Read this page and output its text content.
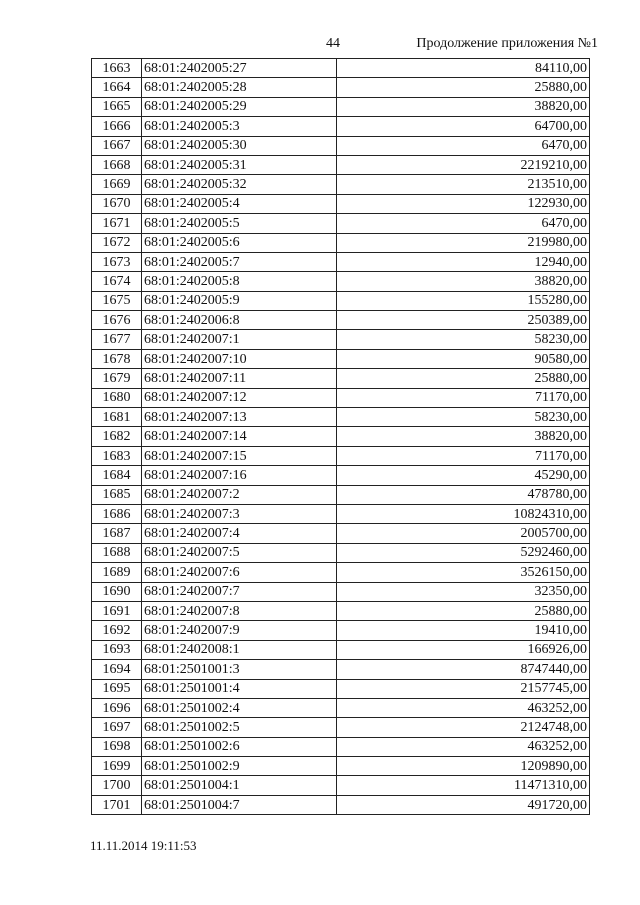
44	Продолжение приложения №1
1663	68:01:2402005:27	84110,00
1664	68:01:2402005:28	25880,00
1665	68:01:2402005:29	38820,00
1666	68:01:2402005:3	64700,00
1667	68:01:2402005:30	6470,00
1668	68:01:2402005:31	2219210,00
1669	68:01:2402005:32	213510,00
1670	68:01:2402005:4	122930,00
1671	68:01:2402005:5	6470,00
1672	68:01:2402005:6	219980,00
1673	68:01:2402005:7	12940,00
1674	68:01:2402005:8	38820,00
1675	68:01:2402005:9	155280,00
1676	68:01:2402006:8	250389,00
1677	68:01:2402007:1	58230,00
1678	68:01:2402007:10	90580,00
1679	68:01:2402007:11	25880,00
1680	68:01:2402007:12	71170,00
1681	68:01:2402007:13	58230,00
1682	68:01:2402007:14	38820,00
1683	68:01:2402007:15	71170,00
1684	68:01:2402007:16	45290,00
1685	68:01:2402007:2	478780,00
1686	68:01:2402007:3	10824310,00
1687	68:01:2402007:4	2005700,00
1688	68:01:2402007:5	5292460,00
1689	68:01:2402007:6	3526150,00
1690	68:01:2402007:7	32350,00
1691	68:01:2402007:8	25880,00
1692	68:01:2402007:9	19410,00
1693	68:01:2402008:1	166926,00
1694	68:01:2501001:3	8747440,00
1695	68:01:2501001:4	2157745,00
1696	68:01:2501002:4	463252,00
1697	68:01:2501002:5	2124748,00
1698	68:01:2501002:6	463252,00
1699	68:01:2501002:9	1209890,00
1700	68:01:2501004:1	11471310,00
1701	68:01:2501004:7	491720,00
11.11.2014 19:11:53
